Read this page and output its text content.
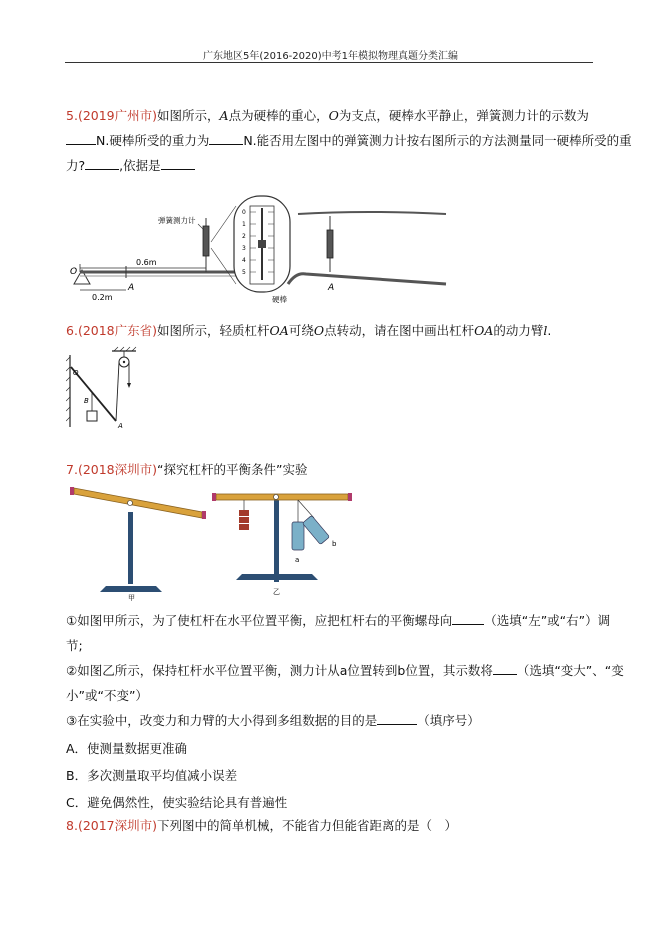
广东地区5年(2016-2020)中考1年模拟物理真题分类汇编
5.(2019广州市)如图所示，A点为硬棒的重心，O为支点，硬棒水平静止，弹簧测力计的示数为
N.硬棒所受的重力为	N.能否用左图中的弹簧测力计按右图所示的方法测量同一硬棒所受的重
力?	,依据是
O
A
0.6m
0.2m
弹簧测力计
0
1
2
3
4
5
A
硬棒
6.(2018广东省)如图所示，轻质杠杆OA可绕O点转动，请在图中画出杠杆OA的动力臂l.
O
A
B
7.(2018深圳市)“探究杠杆的平衡条件”实验
甲
a
b
乙
①如图甲所示，为了使杠杆在水平位置平衡，应把杠杆右的平衡螺母向	（选填“左”或“右”）调
节;
②如图乙所示，保持杠杆水平位置平衡，测力计从a位置转到b位置，其示数将 （选填“变大”、“变
小”或“不变”）
③在实验中，改变力和力臂的大小得到多组数据的目的是	（填序号）
A．使测量数据更准确
B．多次测量取平均值减小误差
C．避免偶然性，使实验结论具有普遍性
8.(2017深圳市)下列图中的简单机械，不能省力但能省距离的是（　）
